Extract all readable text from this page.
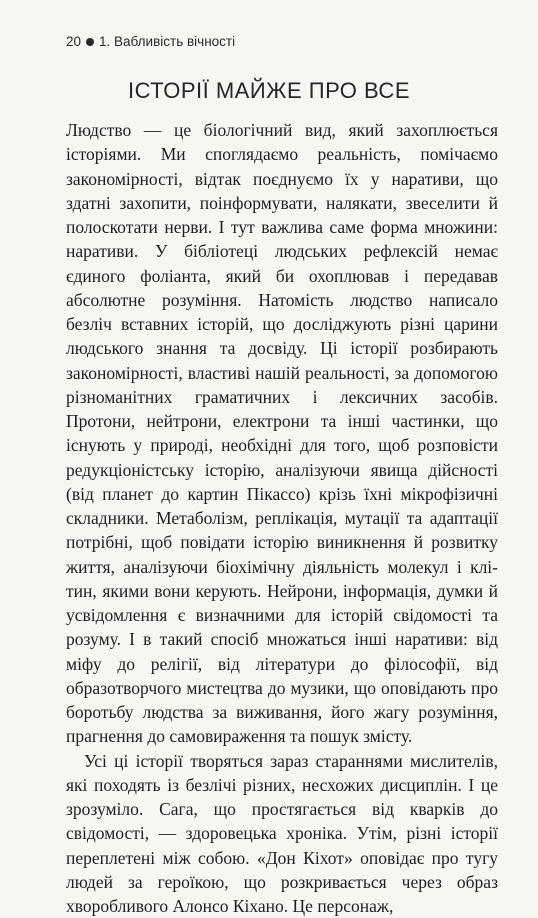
20 1. Вабливість вічності
ІСТОРІЇ МАЙЖЕ ПРО ВСЕ

Людство — це біологічний вид, який захоплюється історіями. Ми споглядаємо реальність, помічаємо закономірності, відтак поєднуємо їх у наративи, що здатні захопити, поінформувати, налякати, звеселити й полоскотати нерви. І тут важлива саме форма множини: наративи. У бібліотеці людських рефлексій немає єдиного фоліанта, який би охоплював і передавав абсолютне розуміння. Натомість людство написало безліч вставних історій, що досліджують різні царини людського знання та досвіду. Ці історії розбирають закономірності, властиві нашій реальності, за допомогою різноманітних граматичних і лексичних засобів. Протони, нейтрони, електрони та інші частинки, що існують у природі, необхідні для того, щоб розповісти редукціоністську історію, аналізуючи явища дійсності (від планет до картин Пікассо) крізь їхні мікрофізичні складники. Метаболізм, реплікація, мутації та адаптації потрібні, щоб повідати історію виникнення й розвитку життя, аналізуючи біохімічну діяльність молекул і клітин, якими вони керують. Нейрони, інформація, думки й усвідомлення є визначними для історій свідомості та розуму. І в такий спосіб множаться інші наративи: від міфу до релігії, від літератури до філософії, від образотворчого мистецтва до музики, що оповідають про боротьбу людства за виживання, його жагу розуміння, прагнення до самовираження та пошук змісту.

Усі ці історії творяться зараз стараннями мислителів, які походять із безлічі різних, несхожих дисциплін. І це зрозуміло. Сага, що простягається від кварків до свідомості, — здоровецька хроніка. Утім, різні історії переплетені між собою. «Дон Кіхот» оповідає про тугу людей за героїкою, що розкривається через образ хворобливого Алонсо Кіхано. Це персонаж,
